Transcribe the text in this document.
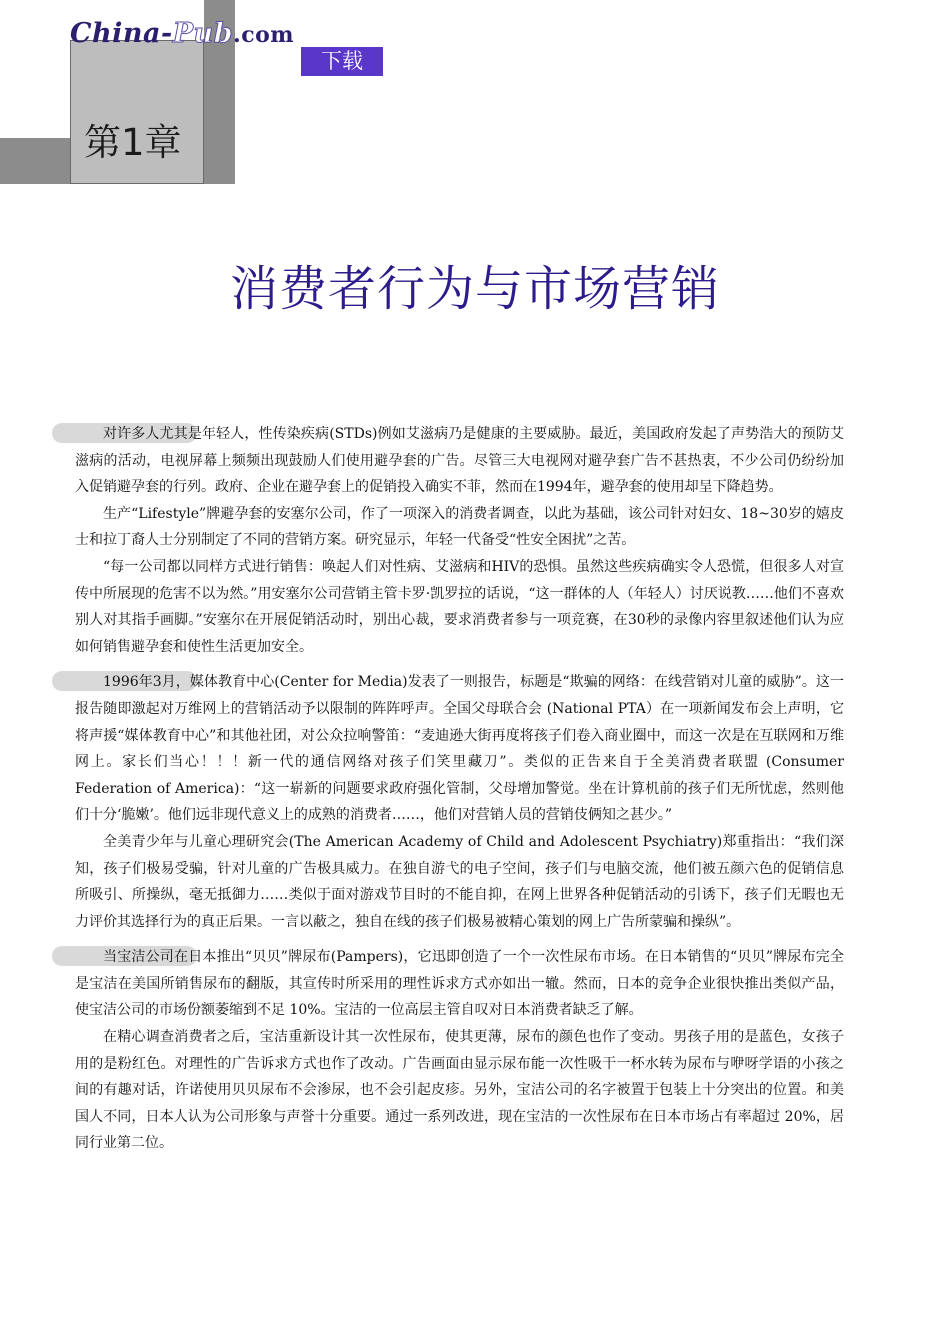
China-Pub.com
下载
第1章
消费者行为与市场营销

对许多人尤其是年轻人，性传染疾病(STDs)例如艾滋病乃是健康的主要威胁。最近，美国政府发起了声势浩大的预防艾滋病的活动，电视屏幕上频频出现鼓励人们使用避孕套的广告。尽管三大电视网对避孕套广告不甚热衷，不少公司仍纷纷加入促销避孕套的行列。政府、企业在避孕套上的促销投入确实不菲，然而在1994年，避孕套的使用却呈下降趋势。

生产“Lifestyle”牌避孕套的安塞尔公司，作了一项深入的消费者调查，以此为基础，该公司针对妇女、18~30岁的嬉皮士和拉丁裔人士分别制定了不同的营销方案。研究显示，年轻一代备受“性安全困扰”之苦。

“每一公司都以同样方式进行销售：唤起人们对性病、艾滋病和HIV的恐惧。虽然这些疾病确实令人恐慌，但很多人对宣传中所展现的危害不以为然。”用安塞尔公司营销主管卡罗·凯罗拉的话说，“这一群体的人（年轻人）讨厌说教……他们不喜欢别人对其指手画脚。”安塞尔在开展促销活动时，别出心裁，要求消费者参与一项竞赛，在30秒的录像内容里叙述他们认为应如何销售避孕套和使性生活更加安全。

1996年3月，媒体教育中心(Center for Media)发表了一则报告，标题是“欺骗的网络：在线营销对儿童的威胁”。这一报告随即激起对万维网上的营销活动予以限制的阵阵呼声。全国父母联合会 (National PTA）在一项新闻发布会上声明，它将声援“媒体教育中心”和其他社团，对公众拉响警笛：“麦迪逊大街再度将孩子们卷入商业圈中，而这一次是在互联网和万维网上。家长们当心！！！新一代的通信网络对孩子们笑里藏刀”。类似的正告来自于全美消费者联盟 (Consumer Federation of America)：“这一崭新的问题要求政府强化管制，父母增加警觉。坐在计算机前的孩子们无所忧虑，然则他们十分‘脆嫩’。他们远非现代意义上的成熟的消费者……，他们对营销人员的营销伎俩知之甚少。”

全美青少年与儿童心理研究会(The American Academy of Child and Adolescent Psychiatry)郑重指出：“我们深知，孩子们极易受骗，针对儿童的广告极具威力。在独自游弋的电子空间，孩子们与电脑交流，他们被五颜六色的促销信息所吸引、所操纵，毫无抵御力……类似于面对游戏节目时的不能自抑，在网上世界各种促销活动的引诱下，孩子们无暇也无力评价其选择行为的真正后果。一言以蔽之，独自在线的孩子们极易被精心策划的网上广告所蒙骗和操纵”。

当宝洁公司在日本推出“贝贝”牌尿布(Pampers)，它迅即创造了一个一次性尿布市场。在日本销售的“贝贝”牌尿布完全是宝洁在美国所销售尿布的翻版，其宣传时所采用的理性诉求方式亦如出一辙。然而，日本的竞争企业很快推出类似产品，使宝洁公司的市场份额萎缩到不足 10%。宝洁的一位高层主管自叹对日本消费者缺乏了解。

在精心调查消费者之后，宝洁重新设计其一次性尿布，使其更薄，尿布的颜色也作了变动。男孩子用的是蓝色，女孩子用的是粉红色。对理性的广告诉求方式也作了改动。广告画面由显示尿布能一次性吸干一杯水转为尿布与咿呀学语的小孩之间的有趣对话，许诺使用贝贝尿布不会渗尿，也不会引起皮疹。另外，宝洁公司的名字被置于包装上十分突出的位置。和美国人不同，日本人认为公司形象与声誉十分重要。通过一系列改进，现在宝洁的一次性尿布在日本市场占有率超过 20%，居同行业第二位。
